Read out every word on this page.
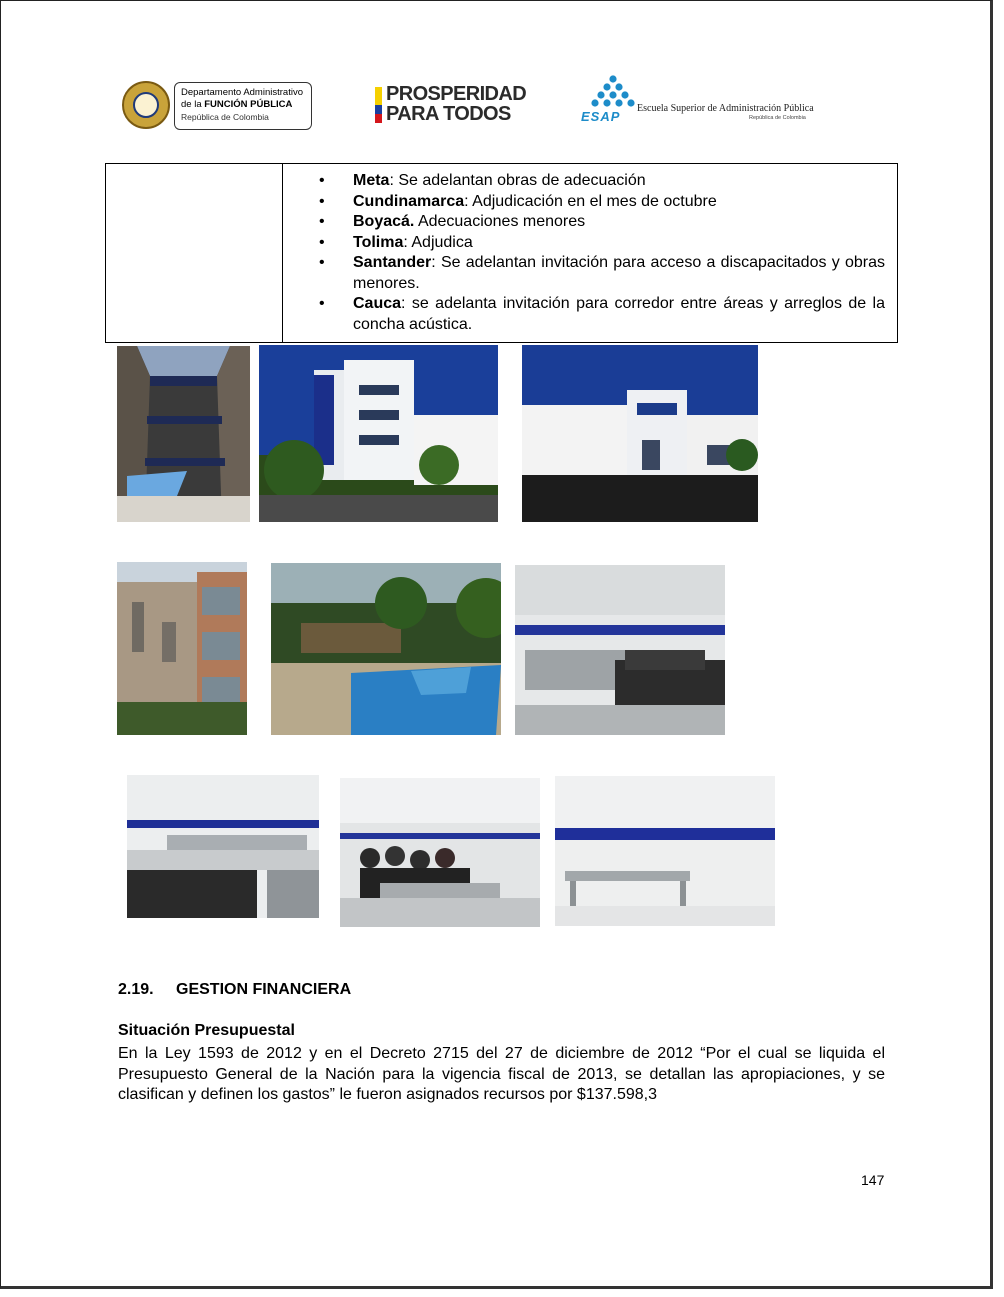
Departamento Administrativo
de la FUNCIÓN PÚBLICA
República de Colombia
PROSPERIDAD
PARA TODOS	ESAP
Escuela Superior de Administración Pública
República de Colombia
• Meta: Se adelantan obras de adecuación
• Cundinamarca: Adjudicación en el mes de octubre
• Boyacá. Adecuaciones menores
• Tolima: Adjudica
• Santander: Se adelantan invitación para acceso a discapacitados y obras menores.
• Cauca: se adelanta invitación para corredor entre áreas y arreglos de la concha acústica.
2.19. GESTION FINANCIERA
Situación Presupuestal

En la Ley 1593 de 2012 y en el Decreto 2715 del 27 de diciembre de 2012 “Por el cual se liquida el Presupuesto General de la Nación para la vigencia fiscal de 2013, se detallan las apropiaciones, y se clasifican y definen los gastos” le fueron asignados recursos por $137.598,3

147
